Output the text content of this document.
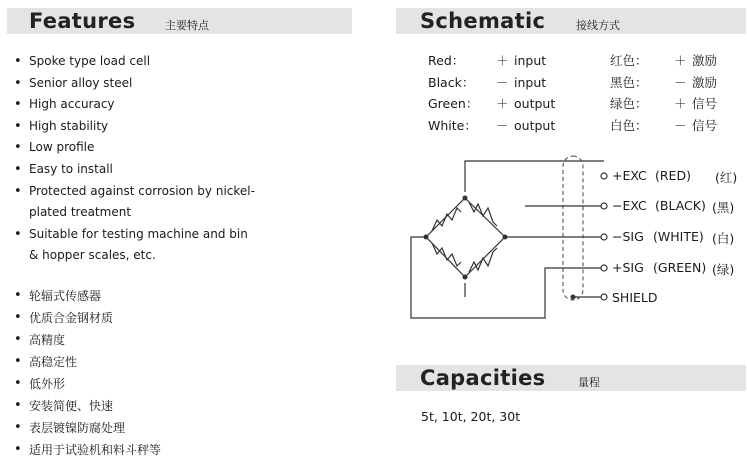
Features	主要特点	Schematic	接线方式
• Spoke type load cell
• Senior alloy steel
• High accuracy
• High stability
• Low profile
• Easy to install
• Protected against corrosion by nickel-
plated treatment
• Suitable for testing machine and bin
& hopper scales, etc.
• 轮辐式传感器
• 优质合金钢材质
• 高精度
• 高稳定性
• 低外形
• 安装简便、快速
• 表层镀镍防腐处理
• 适用于试验机和料斗秤等
Red：	＋ input	红色： ＋ 激励
Black： － input	黑色： － 激励
Green： ＋ output	绿色： ＋ 信号
White： － output	白色： － 信号
+EXC (RED) (红)
−EXC (BLACK) (黑)
−SIG (WHITE) (白)
+SIG (GREEN) (绿)
SHIELD
Capacities	量程
5t, 10t, 20t, 30t
